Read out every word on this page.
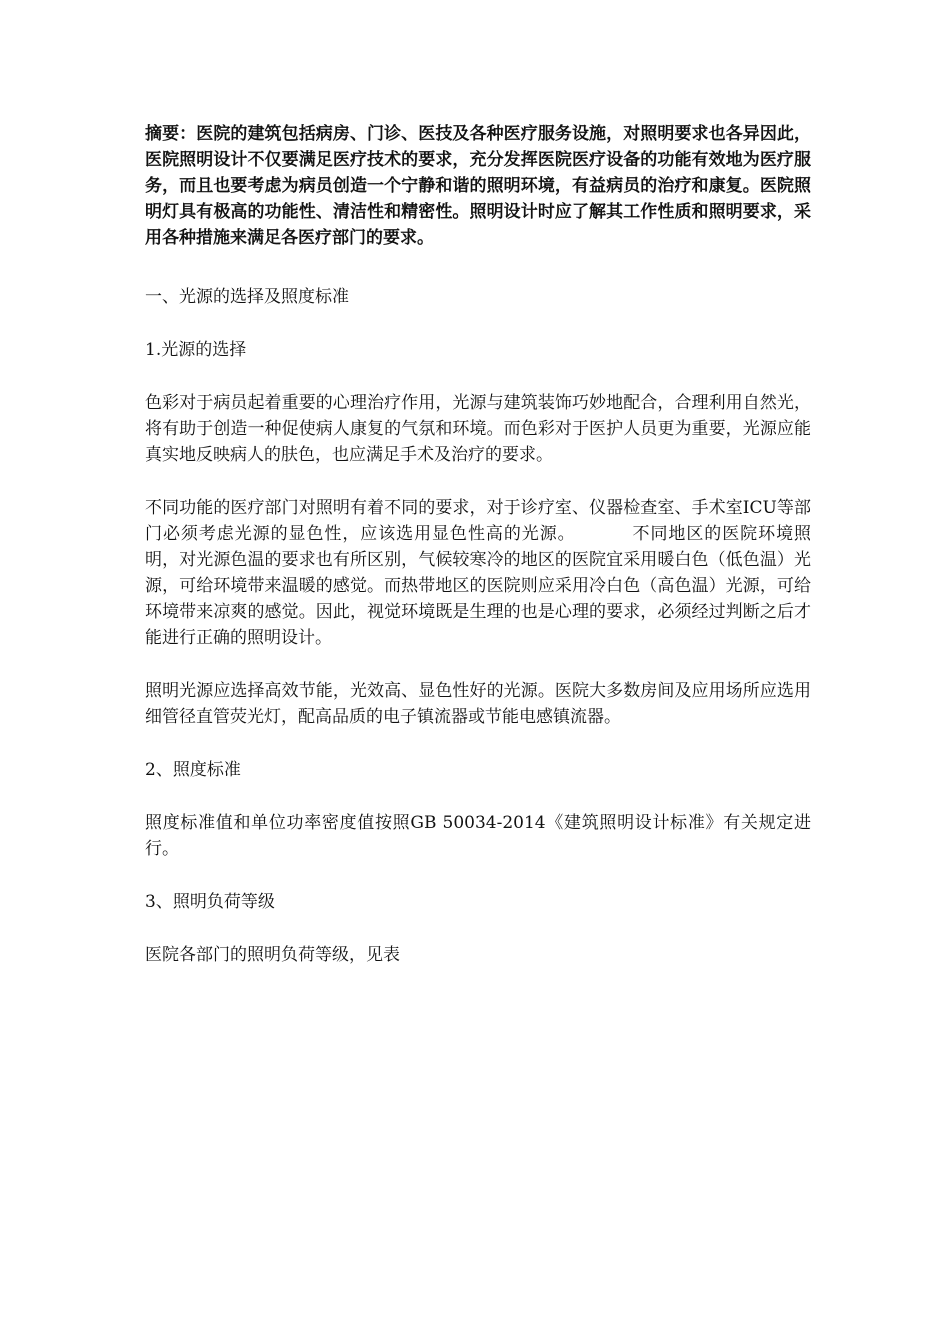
摘要：医院的建筑包括病房、门诊、医技及各种医疗服务设施，对照明要求也各异因此，医院照明设计不仅要满足医疗技术的要求，充分发挥医院医疗设备的功能有效地为医疗服务，而且也要考虑为病员创造一个宁静和谐的照明环境，有益病员的治疗和康复。医院照明灯具有极高的功能性、清洁性和精密性。照明设计时应了解其工作性质和照明要求，采用各种措施来满足各医疗部门的要求。

一、光源的选择及照度标准

1.光源的选择

色彩对于病员起着重要的心理治疗作用，光源与建筑装饰巧妙地配合，合理利用自然光，将有助于创造一种促使病人康复的气氛和环境。而色彩对于医护人员更为重要，光源应能真实地反映病人的肤色，也应满足手术及治疗的要求。

不同功能的医疗部门对照明有着不同的要求，对于诊疗室、仪器检查室、手术室ICU等部门必须考虑光源的显色性，应该选用显色性高的光源。	不同地区的医院环境照明，对光源色温的要求也有所区别，气候较寒冷的地区的医院宜采用暖白色（低色温）光源，可给环境带来温暖的感觉。而热带地区的医院则应采用冷白色（高色温）光源，可给环境带来凉爽的感觉。因此，视觉环境既是生理的也是心理的要求，必须经过判断之后才能进行正确的照明设计。

照明光源应选择高效节能，光效高、显色性好的光源。医院大多数房间及应用场所应选用细管径直管荧光灯，配高品质的电子镇流器或节能电感镇流器。

2、照度标准

照度标准值和单位功率密度值按照GB 50034-2014《建筑照明设计标准》有关规定进行。

3、照明负荷等级

医院各部门的照明负荷等级，见表
